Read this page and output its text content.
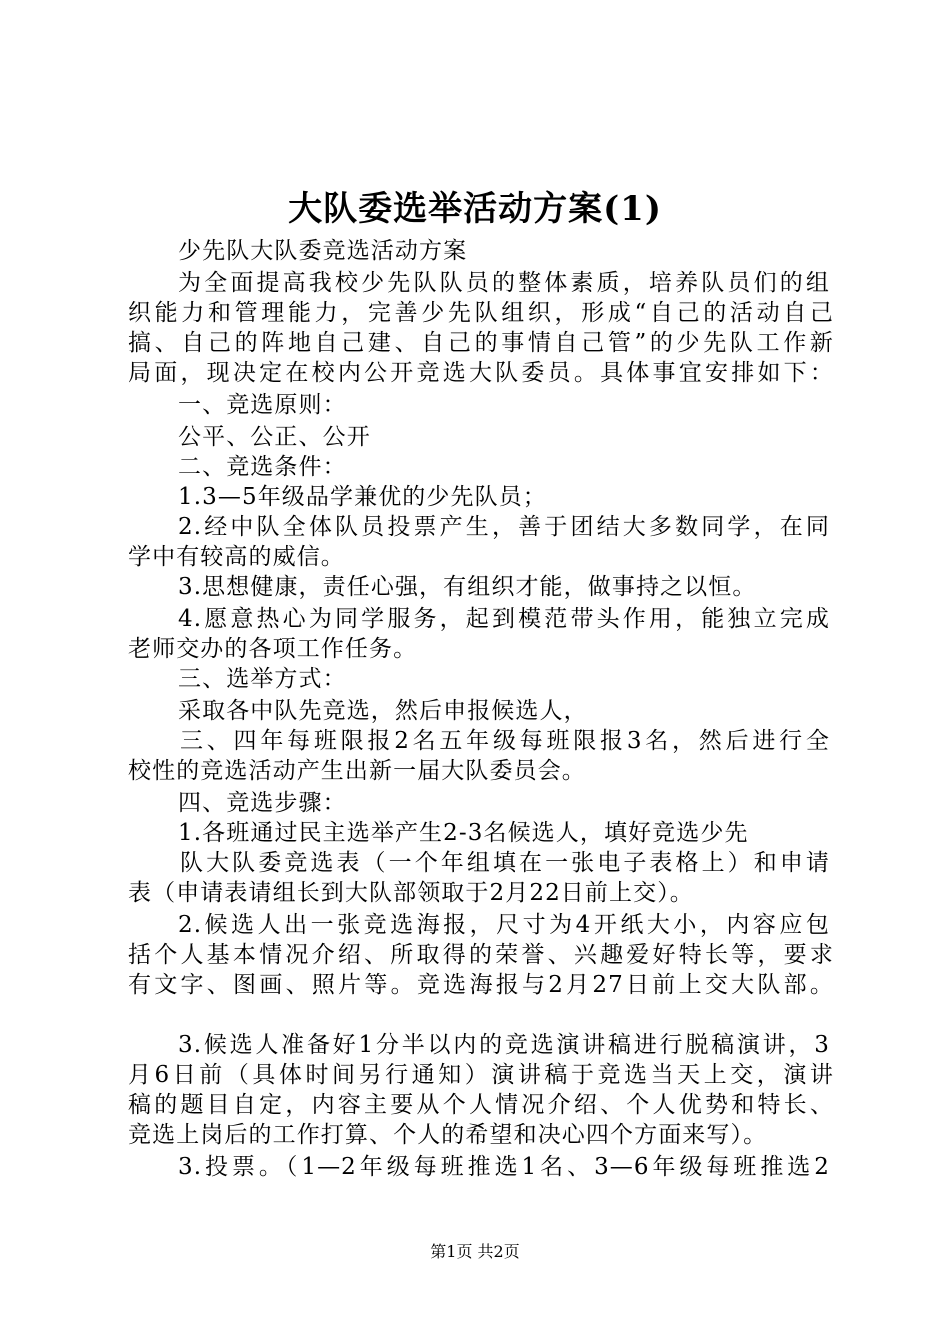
大队委选举活动方案(1)
少先队大队委竞选活动方案
为全面提高我校少先队队员的整体素质，培养队员们的组
织能力和管理能力，完善少先队组织，形成“自己的活动自己
搞、自己的阵地自己建、自己的事情自己管”的少先队工作新
局面，现决定在校内公开竞选大队委员。具体事宜安排如下：
一、竞选原则：
公平、公正、公开
二、竞选条件：
1.3—5年级品学兼优的少先队员；
2.经中队全体队员投票产生，善于团结大多数同学，在同
学中有较高的威信。
3.思想健康，责任心强，有组织才能，做事持之以恒。
4.愿意热心为同学服务，起到模范带头作用，能独立完成
老师交办的各项工作任务。
三、选举方式：
采取各中队先竞选，然后申报候选人，
三、四年每班限报2名五年级每班限报3名，然后进行全
校性的竞选活动产生出新一届大队委员会。
四、竞选步骤：
1.各班通过民主选举产生2-3名候选人，填好竞选少先
队大队委竞选表（一个年组填在一张电子表格上）和申请
表（申请表请组长到大队部领取于2月22日前上交）。
2.候选人出一张竞选海报，尺寸为4开纸大小，内容应包
括个人基本情况介绍、所取得的荣誉、兴趣爱好特长等，要求
有文字、图画、照片等。竞选海报与2月27日前上交大队部。
3.候选人准备好1分半以内的竞选演讲稿进行脱稿演讲，3
月6日前（具体时间另行通知）演讲稿于竞选当天上交，演讲
稿的题目自定，内容主要从个人情况介绍、个人优势和特长、
竞选上岗后的工作打算、个人的希望和决心四个方面来写）。
3.投票。（1—2年级每班推选1名、3—6年级每班推选2
第1页 共2页
